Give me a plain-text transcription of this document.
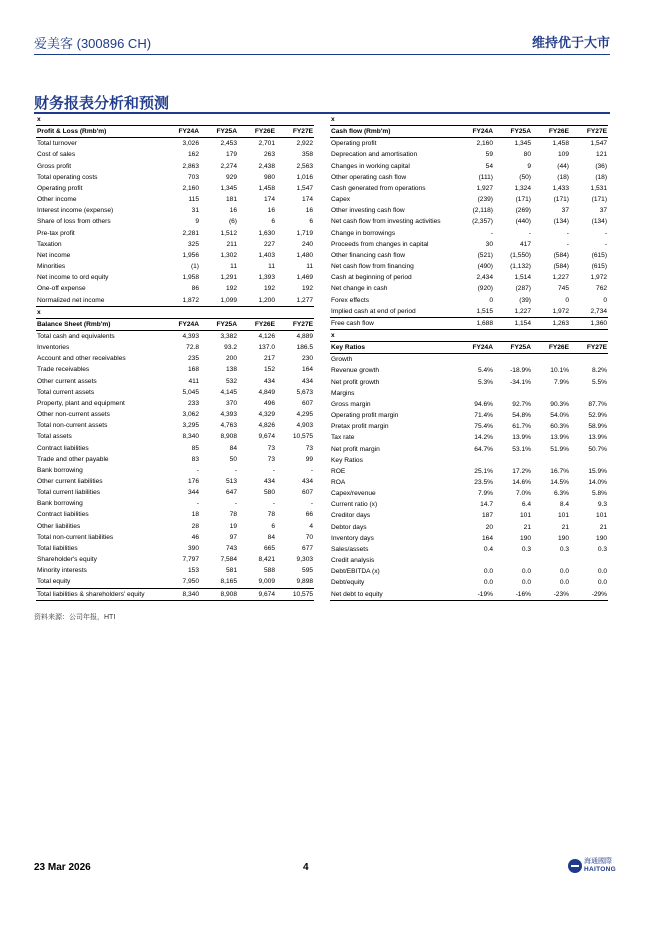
爱美客 (300896 CH)	维持优于大市
财务报表分析和预测
x				
Profit & Loss (Rmb'm)	FY24A	FY25A	FY26E	FY27E
Total turnover	3,026	2,453	2,701	2,922
Cost of sales	162	179	263	358
Gross profit	2,863	2,274	2,438	2,563
Total operating costs	703	929	980	1,016
Operating profit	2,160	1,345	1,458	1,547
Other income	115	181	174	174
Interest income (expense)	31	16	16	16
Share of loss from others	9	(6)	6	6
Pre-tax profit	2,281	1,512	1,630	1,719
Taxation	325	211	227	240
Net income	1,956	1,302	1,403	1,480
Minorities	(1)	11	11	11
Net income to ord equity	1,958	1,291	1,393	1,469
One-off expense	86	192	192	192
Normalized net income	1,872	1,099	1,200	1,277
x				
Balance Sheet (Rmb'm)	FY24A	FY25A	FY26E	FY27E
Total cash and equivalents	4,393	3,382	4,126	4,889
Inventories	72.8	93.2	137.0	186.5
Account and other receivables	235	200	217	230
Trade receivables	168	138	152	164
Other current assets	411	532	434	434
Total current assets	5,045	4,145	4,849	5,673
Property, plant and equipment	233	370	496	607
Other non-current assets	3,062	4,393	4,329	4,295
Total non-current assets	3,295	4,763	4,826	4,903
Total assets	8,340	8,908	9,674	10,575
Contract liabilities	85	84	73	73
Trade and other payable	83	50	73	99
Bank borrowing	-	-	-	-
Other current liabilities	176	513	434	434
Total current liabilities	344	647	580	607
Bank borrowing	-	-	-	-
Contract liabilities	18	78	78	66
Other liabilities	28	19	6	4
Total non-current liabilities	46	97	84	70
Total liabilities	390	743	665	677
Shareholder's equity	7,797	7,584	8,421	9,303
Minority interests	153	581	588	595
Total equity	7,950	8,165	9,009	9,898
Total liabilities & shareholders' equity	8,340	8,908	9,674	10,575
x				
Cash flow (Rmb'm)	FY24A	FY25A	FY26E	FY27E
Operating profit	2,160	1,345	1,458	1,547
Deprecation and amortisation	59	80	109	121
Changes in working capital	54	9	(44)	(36)
Other operating cash flow	(111)	(50)	(18)	(18)
Cash generated from operations	1,927	1,324	1,433	1,531
Capex	(239)	(171)	(171)	(171)
Other investing cash flow	(2,118)	(269)	37	37
Net cash flow from investing activities	(2,357)	(440)	(134)	(134)
Change in borrowings	-	-	-	-
Proceeds from changes in capital	30	417	-	-
Other financing cash flow	(521)	(1,550)	(584)	(615)
Net cash flow from financing	(490)	(1,132)	(584)	(615)
Cash at beginning of period	2,434	1,514	1,227	1,972
Net change in cash	(920)	(287)	745	762
Forex effects	0	(39)	0	0
Implied cash at end of period	1,515	1,227	1,972	2,734
Free cash flow	1,688	1,154	1,263	1,360
x				
Key Ratios	FY24A	FY25A	FY26E	FY27E
Growth				
Revenue growth	5.4%	-18.9%	10.1%	8.2%
Net profit growth	5.3%	-34.1%	7.9%	5.5%
Margins				
Gross margin	94.6%	92.7%	90.3%	87.7%
Operating profit margin	71.4%	54.8%	54.0%	52.9%
Pretax profit margin	75.4%	61.7%	60.3%	58.9%
Tax rate	14.2%	13.9%	13.9%	13.9%
Net profit margin	64.7%	53.1%	51.9%	50.7%
Key Ratios				
ROE	25.1%	17.2%	16.7%	15.9%
ROA	23.5%	14.6%	14.5%	14.0%
Capex/revenue	7.9%	7.0%	6.3%	5.8%
Current ratio (x)	14.7	6.4	8.4	9.3
Creditor days	187	101	101	101
Debtor days	20	21	21	21
Inventory days	164	190	190	190
Sales/assets	0.4	0.3	0.3	0.3
Credit analysis				
Debt/EBITDA (x)	0.0	0.0	0.0	0.0
Debt/equity	0.0	0.0	0.0	0.0
Net debt to equity	-19%	-16%	-23%	-29%
资料来源：公司年报，HTI
23 Mar 2026	4
海通國際
HAITONG
